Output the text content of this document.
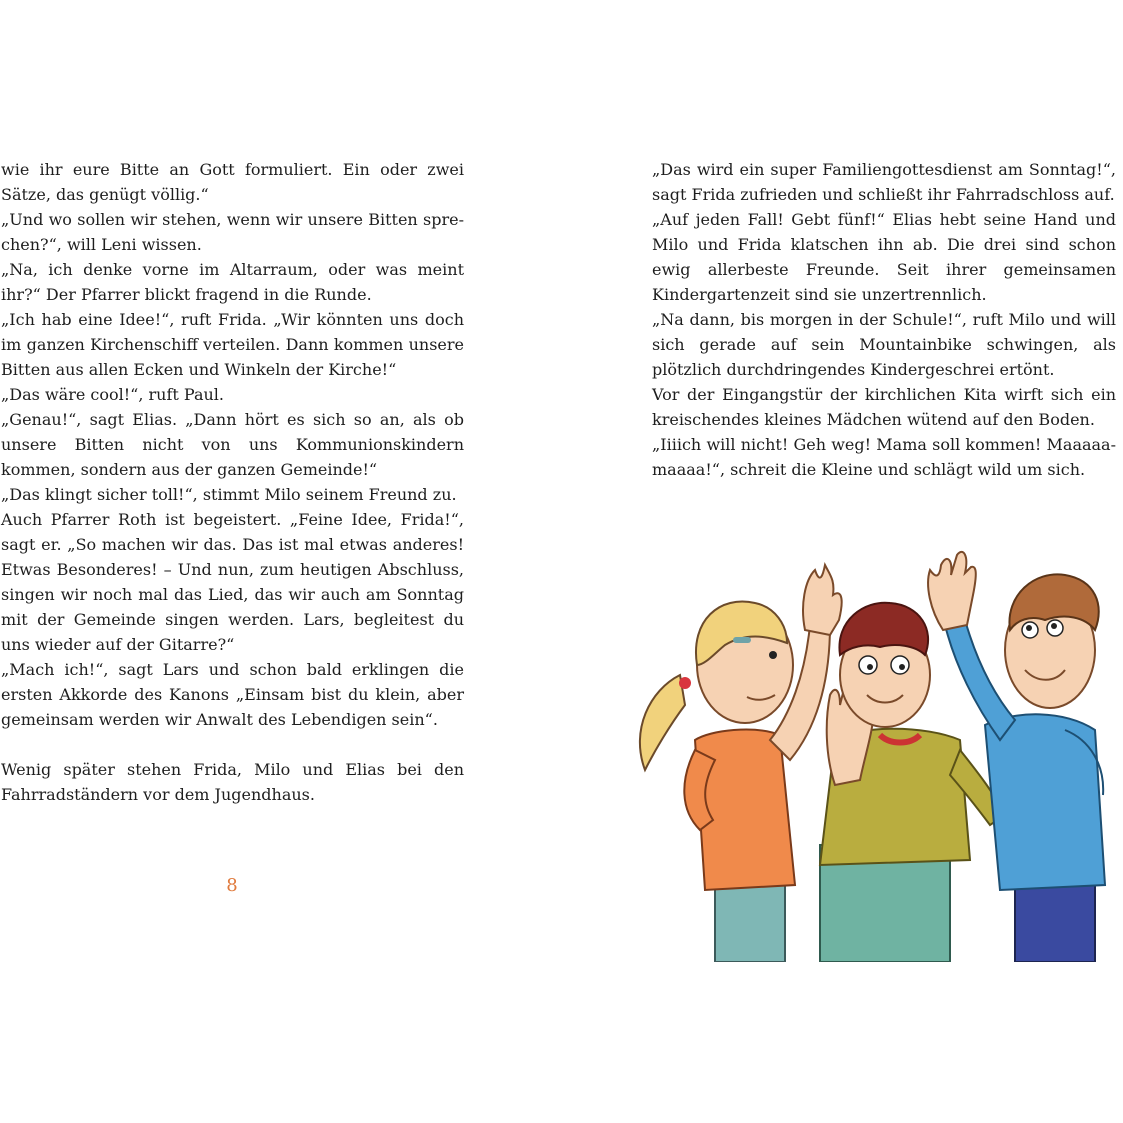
wie ihr eure Bitte an Gott formuliert. Ein oder zwei Sätze, das genügt völlig.“

„Und wo sollen wir stehen, wenn wir unsere Bitten sprechen?“, will Leni wissen.

„Na, ich denke vorne im Altarraum, oder was meint ihr?“ Der Pfarrer blickt fragend in die Runde.

„Ich hab eine Idee!“, ruft Frida. „Wir könnten uns doch im ganzen Kirchenschiff verteilen. Dann kommen unsere Bitten aus allen Ecken und Winkeln der Kirche!“

„Das wäre cool!“, ruft Paul.

„Genau!“, sagt Elias. „Dann hört es sich so an, als ob unsere Bitten nicht von uns Kommunionskindern kommen, sondern aus der ganzen Gemeinde!“

„Das klingt sicher toll!“, stimmt Milo seinem Freund zu.

Auch Pfarrer Roth ist begeistert. „Feine Idee, Frida!“, sagt er. „So machen wir das. Das ist mal etwas anderes! Etwas Besonderes! – Und nun, zum heutigen Abschluss, singen wir noch mal das Lied, das wir auch am Sonntag mit der Gemeinde singen werden. Lars, begleitest du uns wieder auf der Gitarre?“

„Mach ich!“, sagt Lars und schon bald erklingen die ersten Akkorde des Kanons „Einsam bist du klein, aber gemeinsam werden wir Anwalt des Lebendigen sein“.

Wenig später stehen Frida, Milo und Elias bei den Fahrradständern vor dem Jugendhaus.

8

„Das wird ein super Familiengottesdienst am Sonntag!“, sagt Frida zufrieden und schließt ihr Fahrradschloss auf.

„Auf jeden Fall! Gebt fünf!“ Elias hebt seine Hand und Milo und Frida klatschen ihn ab. Die drei sind schon ewig allerbeste Freunde. Seit ihrer gemeinsamen Kindergartenzeit sind sie unzertrennlich.

„Na dann, bis morgen in der Schule!“, ruft Milo und will sich gerade auf sein Mountainbike schwingen, als plötzlich durchdringendes Kindergeschrei ertönt.

Vor der Eingangstür der kirchlichen Kita wirft sich ein kreischendes kleines Mädchen wütend auf den Boden.

„Iiiich will nicht! Geh weg! Mama soll kommen! Maaaaamaaaa!“, schreit die Kleine und schlägt wild um sich.
